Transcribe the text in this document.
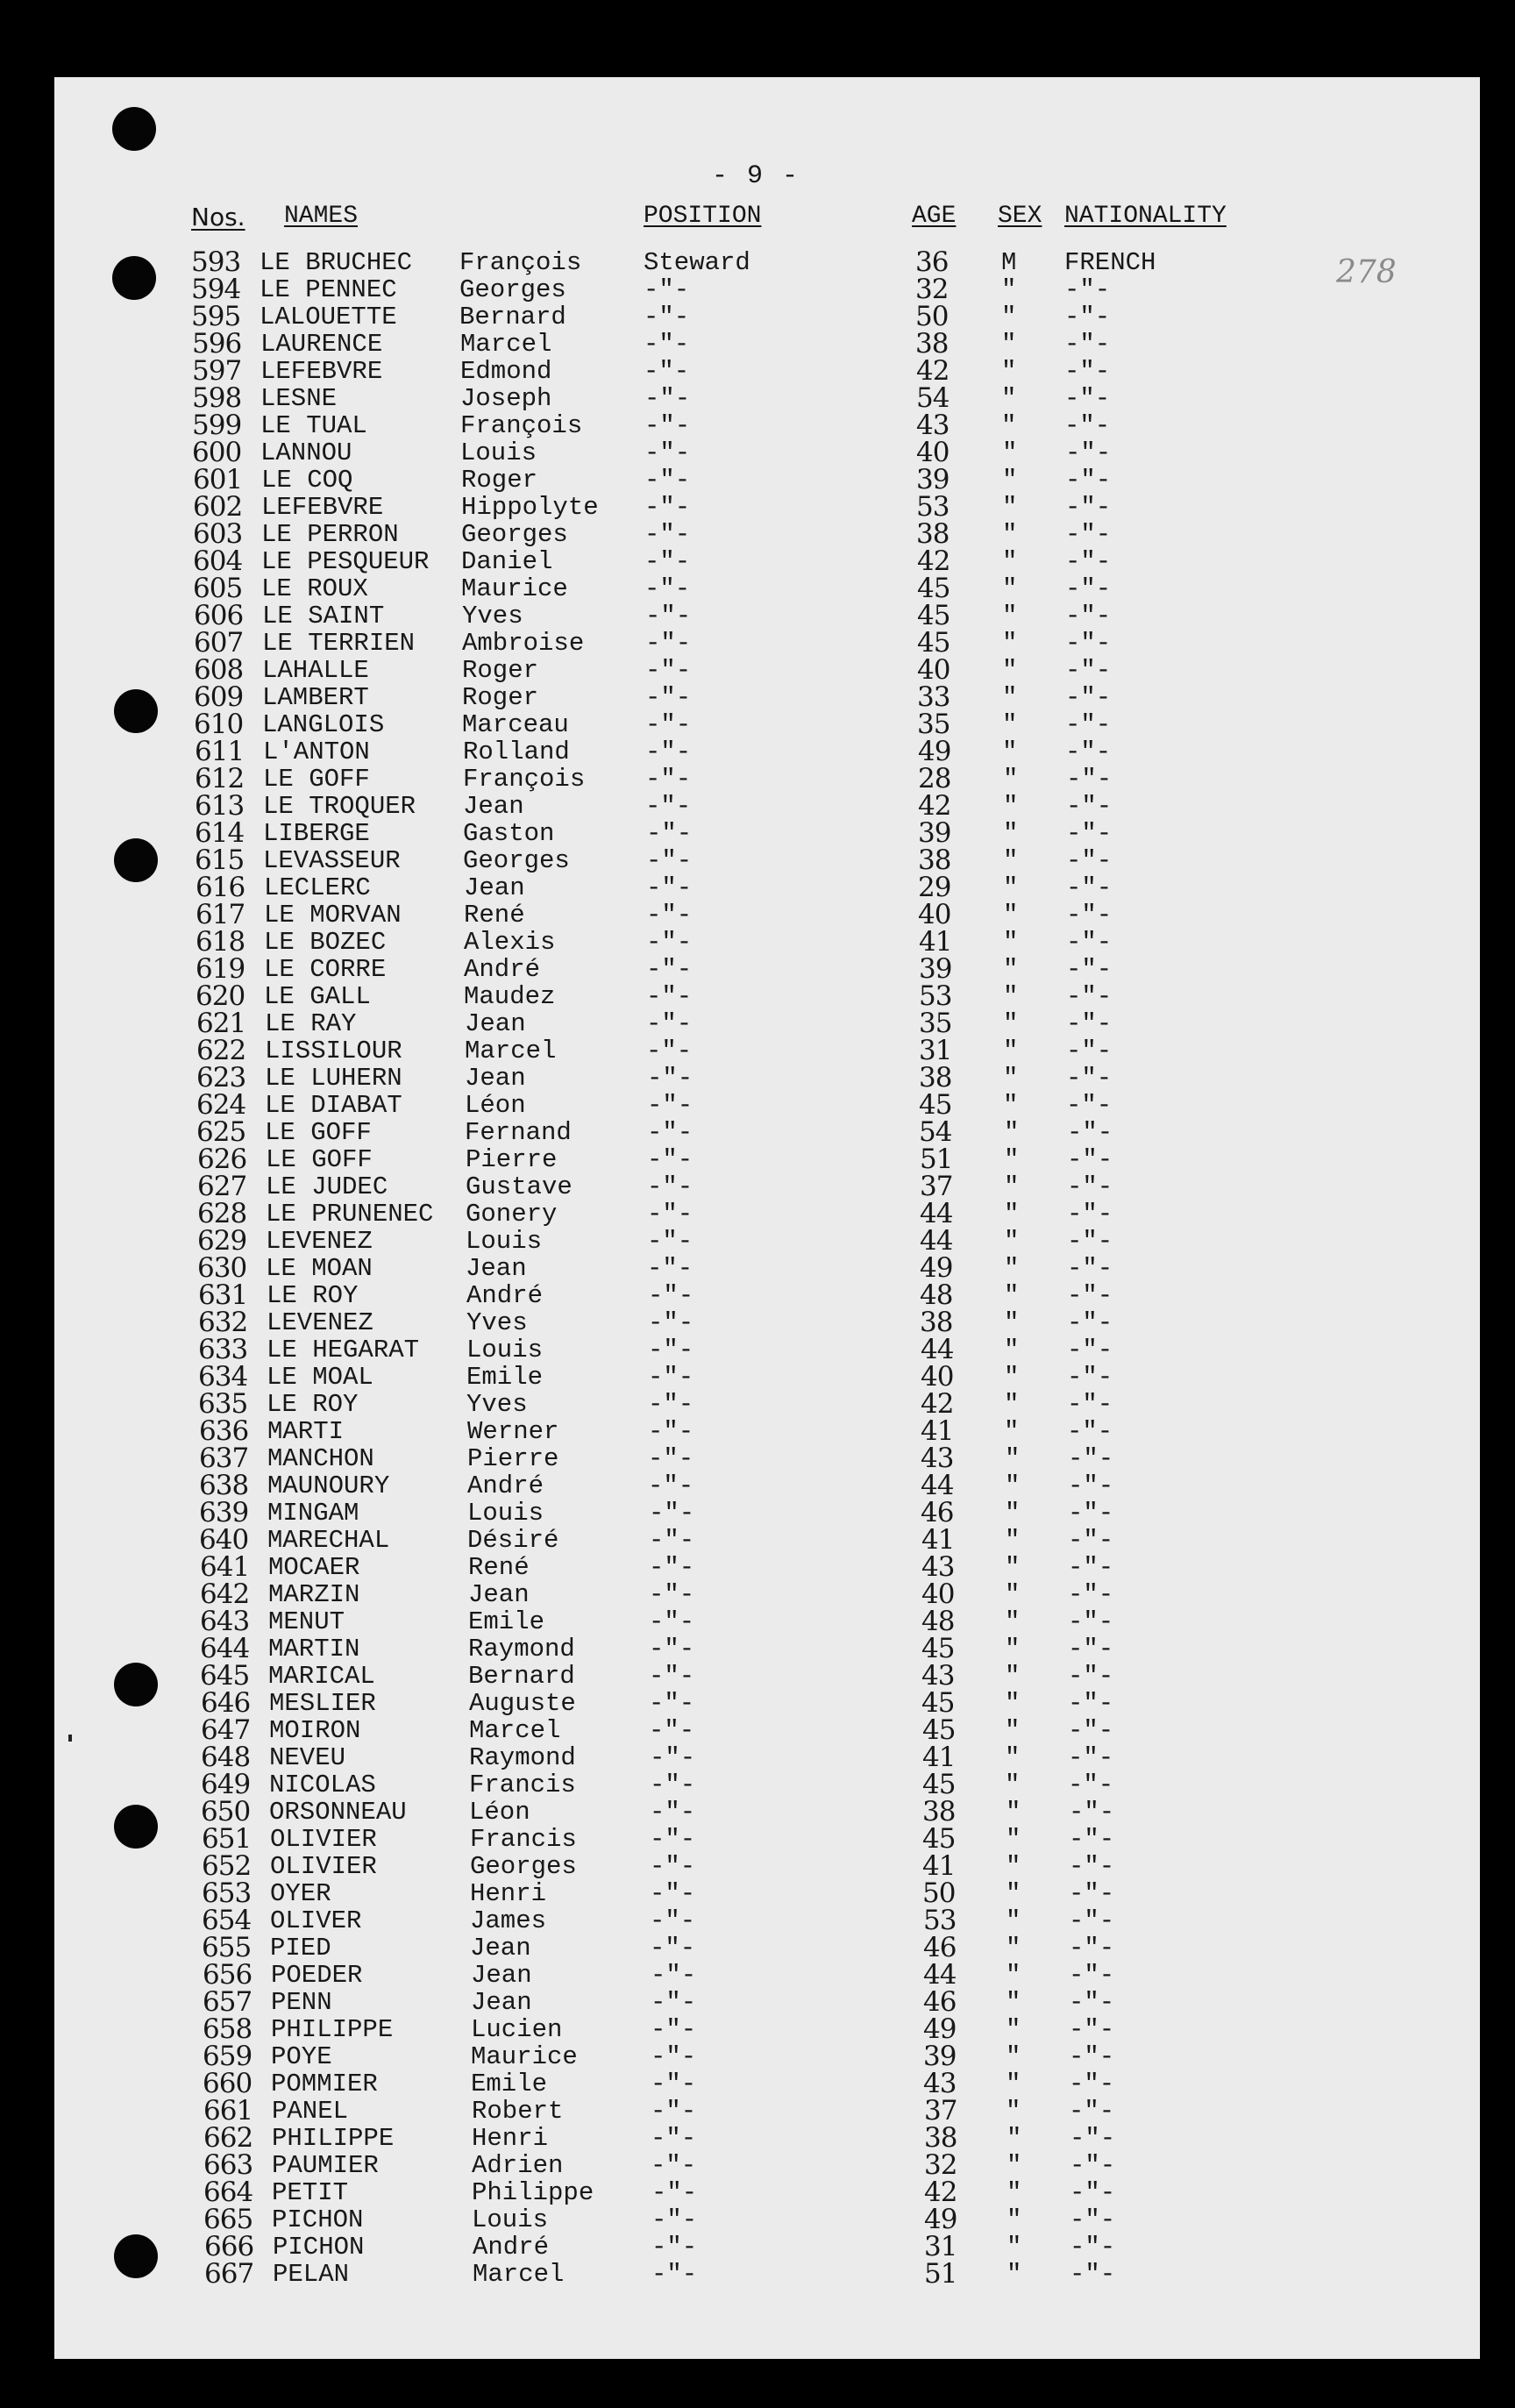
- 9 -
278
Nos. NAMES	POSITION	AGE SEX NATIONALITY
593 LE BRUCHEC François Steward	36 M FRENCH
594 LE PENNEC Georges	-"-	32 " -"-
595 LALOUETTE Bernard	-"-	50 " -"-
596 LAURENCE	Marcel	-"-	38 " -"-
597 LEFEBVRE	Edmond	-"-	42 " -"-
598 LESNE	Joseph	-"-	54 " -"-
599 LE TUAL	François -"-	43 " -"-
600 LANNOU	Louis	-"-	40 " -"-
601 LE COQ	Roger	-"-	39 " -"-
602 LEFEBVRE	Hippolyte -"-	53 " -"-
603 LE PERRON Georges	-"-	38 " -"-
604 LE PESQUEUR Daniel	-"-	42 " -"-
605 LE ROUX	Maurice	-"-	45 " -"-
606 LE SAINT	Yves	-"-	45 " -"-
607 LE TERRIEN Ambroise -"-	45 " -"-
608 LAHALLE	Roger	-"-	40 " -"-
609 LAMBERT	Roger	-"-	33 " -"-
610 LANGLOIS	Marceau	-"-	35 " -"-
611 L'ANTON	Rolland	-"-	49 " -"-
612 LE GOFF	François -"-	28 " -"-
613 LE TROQUER Jean	-"-	42 " -"-
614 LIBERGE	Gaston	-"-	39 " -"-
615 LEVASSEUR Georges	-"-	38 " -"-
616 LECLERC	Jean	-"-	29 " -"-
617 LE MORVAN René	-"-	40 " -"-
618 LE BOZEC	Alexis	-"-	41 " -"-
619 LE CORRE	André	-"-	39 " -"-
620 LE GALL	Maudez	-"-	53 " -"-
621 LE RAY	Jean	-"-	35 " -"-
622 LISSILOUR Marcel	-"-	31 " -"-
623 LE LUHERN Jean	-"-	38 " -"-
624 LE DIABAT Léon	-"-	45 " -"-
625 LE GOFF	Fernand	-"-	54 " -"-
626 LE GOFF	Pierre	-"-	51 " -"-
627 LE JUDEC	Gustave	-"-	37 " -"-
628 LE PRUNENEC Gonery	-"-	44 " -"-
629 LEVENEZ	Louis	-"-	44 " -"-
630 LE MOAN	Jean	-"-	49 " -"-
631 LE ROY	André	-"-	48 " -"-
632 LEVENEZ	Yves	-"-	38 " -"-
633 LE HEGARAT Louis	-"-	44 " -"-
634 LE MOAL	Emile	-"-	40 " -"-
635 LE ROY	Yves	-"-	42 " -"-
636 MARTI	Werner	-"-	41 " -"-
637 MANCHON	Pierre	-"-	43 " -"-
638 MAUNOURY	André	-"-	44 " -"-
639 MINGAM	Louis	-"-	46 " -"-
640 MARECHAL	Désiré	-"-	41 " -"-
641 MOCAER	René	-"-	43 " -"-
642 MARZIN	Jean	-"-	40 " -"-
643 MENUT	Emile	-"-	48 " -"-
644 MARTIN	Raymond	-"-	45 " -"-
645 MARICAL	Bernard	-"-	43 " -"-
646 MESLIER	Auguste	-"-	45 " -"-
647 MOIRON	Marcel	-"-	45 " -"-
648 NEVEU	Raymond	-"-	41 " -"-
649 NICOLAS	Francis	-"-	45 " -"-
650 ORSONNEAU Léon	-"-	38 " -"-
651 OLIVIER	Francis	-"-	45 " -"-
652 OLIVIER	Georges	-"-	41 " -"-
653 OYER	Henri	-"-	50 " -"-
654 OLIVER	James	-"-	53 " -"-
655 PIED	Jean	-"-	46 " -"-
656 POEDER	Jean	-"-	44 " -"-
657 PENN	Jean	-"-	46 " -"-
658 PHILIPPE	Lucien	-"-	49 " -"-
659 POYE	Maurice	-"-	39 " -"-
660 POMMIER	Emile	-"-	43 " -"-
661 PANEL	Robert	-"-	37 " -"-
662 PHILIPPE	Henri	-"-	38 " -"-
663 PAUMIER	Adrien	-"-	32 " -"-
664 PETIT	Philippe -"-	42 " -"-
665 PICHON	Louis	-"-	49 " -"-
666 PICHON	André	-"-	31 " -"-
667 PELAN	Marcel	-"-	51 " -"-
